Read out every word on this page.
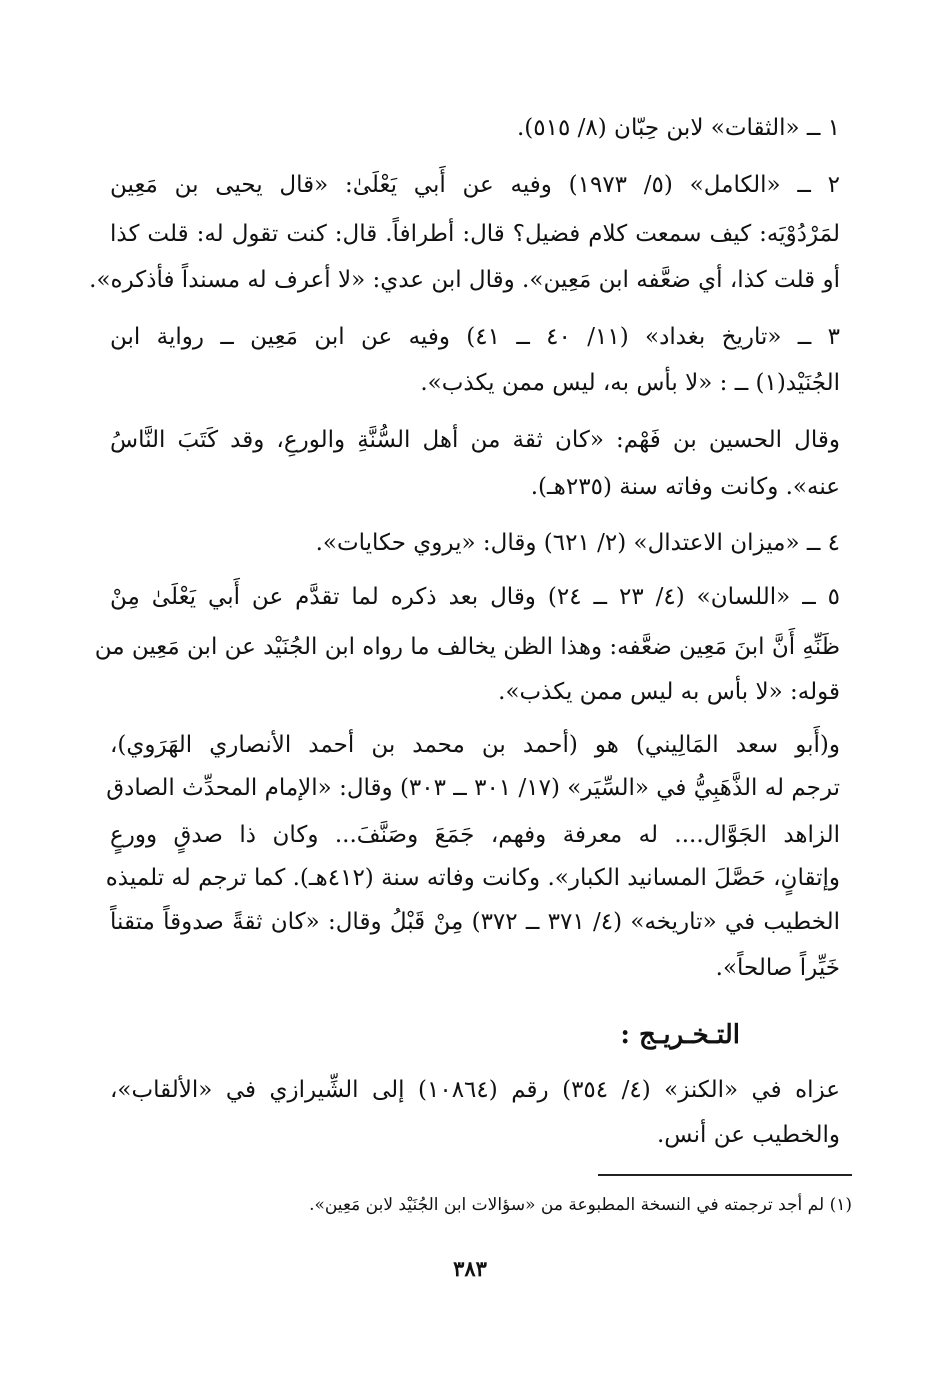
١ ــ «الثقات» لابن حِبّان (٨/ ٥١٥).
٢ ــ «الكامل» (٥/ ١٩٧٣) وفيه عن أَبي يَعْلَىٰ: «قال يحيى بن مَعِين
لمَرْدُوْيَه: كيف سمعت كلام فضيل؟ قال: أطرافاً. قال: كنت تقول له: قلت كذا
أو قلت كذا، أي ضعَّفه ابن مَعِين». وقال ابن عدي: «لا أعرف له مسنداً فأذكره».
٣ ــ «تاريخ بغداد» (١١/ ٤٠ ــ ٤١) وفيه عن ابن مَعِين ــ رواية ابن
الجُنَيْد(١) ــ : «لا بأس به، ليس ممن يكذب».
وقال الحسين بن فَهْم: «كان ثقة من أهل السُّنَّةِ والورعِ، وقد كَتَبَ النَّاسُ
عنه». وكانت وفاته سنة (٢٣٥هـ).
٤ ــ «ميزان الاعتدال» (٢/ ٦٢١) وقال: «يروي حكايات».
٥ ــ «اللسان» (٤/ ٢٣ ــ ٢٤) وقال بعد ذكره لما تقدَّم عن أَبي يَعْلَىٰ مِنْ
ظَنِّهِ أَنَّ ابنَ مَعِين ضعَّفه: وهذا الظن يخالف ما رواه ابن الجُنَيْد عن ابن مَعِين من
قوله: «لا بأس به ليس ممن يكذب».
و(أَبو سعد المَالِيني) هو (أحمد بن محمد بن أحمد الأنصاري الهَرَوي)،
ترجم له الذَّهَبِيُّ في «السِّيَر» (١٧/ ٣٠١ ــ ٣٠٣) وقال: «الإمام المحدِّث الصادق
الزاهد الجَوَّال.... له معرفة وفهم، جَمَعَ وصَنَّفَ... وكان ذا صدقٍ وورعٍ
وإتقانٍ، حَصَّلَ المسانيد الكبار». وكانت وفاته سنة (٤١٢هـ). كما ترجم له تلميذه
الخطيب في «تاريخه» (٤/ ٣٧١ ــ ٣٧٢) مِنْ قَبْلُ وقال: «كان ثقةً صدوقاً متقناً
خَيِّراً صالحاً».
التـخـريـج :
عزاه في «الكنز» (٤/ ٣٥٤) رقم (١٠٨٦٤) إلى الشِّيرازي في «الألقاب»،
والخطيب عن أنس.
(١) لم أجد ترجمته في النسخة المطبوعة من «سؤالات ابن الجُنَيْد لابن مَعِين».
٣٨٣
